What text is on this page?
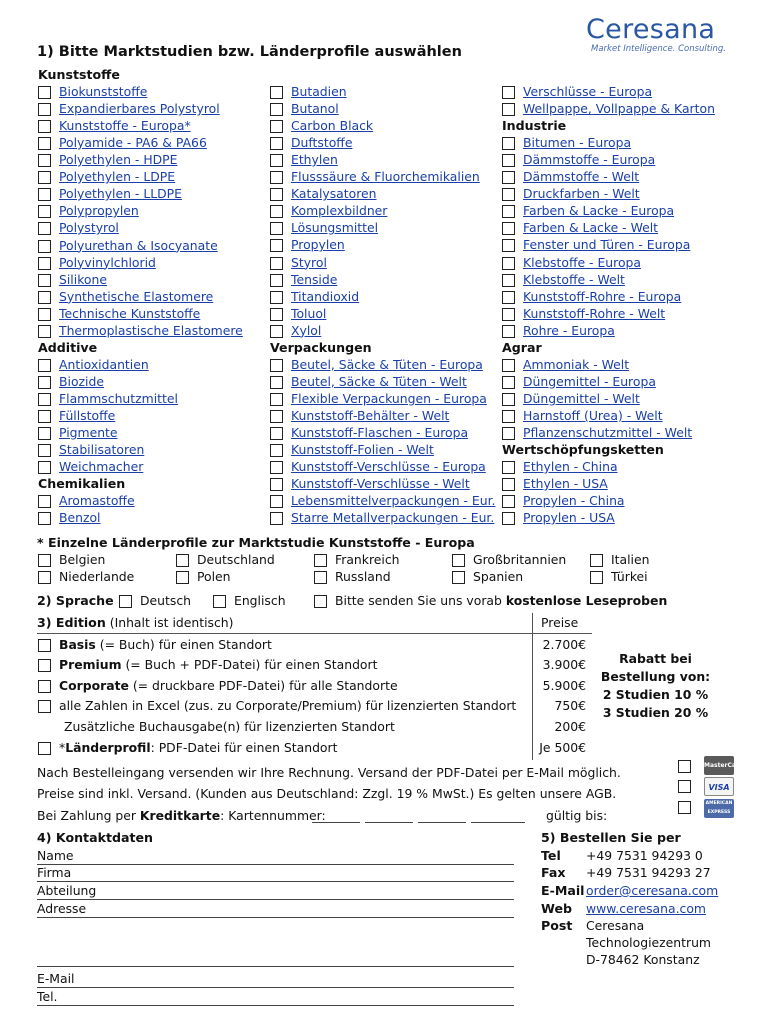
Ceresana
Market Intelligence. Consulting.
1) Bitte Marktstudien bzw. Länderprofile auswählen
Kunststoffe
Biokunststoffe
Expandierbares Polystyrol
Kunststoffe - Europa*
Polyamide - PA6 & PA66
Polyethylen - HDPE
Polyethylen - LDPE
Polyethylen - LLDPE
Polypropylen
Polystyrol
Polyurethan & Isocyanate
Polyvinylchlorid
Silikone
Synthetische Elastomere
Technische Kunststoffe
Thermoplastische Elastomere
Additive
Antioxidantien
Biozide
Flammschutzmittel
Füllstoffe
Pigmente
Stabilisatoren
Weichmacher
Chemikalien
Aromastoffe
Benzol
Butadien
Butanol
Carbon Black
Duftstoffe
Ethylen
Flusssäure & Fluorchemikalien
Katalysatoren
Komplexbildner
Lösungsmittel
Propylen
Styrol
Tenside
Titandioxid
Toluol
Xylol
Verpackungen
Beutel, Säcke & Tüten - Europa
Beutel, Säcke & Tüten - Welt
Flexible Verpackungen - Europa
Kunststoff-Behälter - Welt
Kunststoff-Flaschen - Europa
Kunststoff-Folien - Welt
Kunststoff-Verschlüsse - Europa
Kunststoff-Verschlüsse - Welt
Lebensmittelverpackungen - Eur.
Starre Metallverpackungen - Eur.
Verschlüsse - Europa
Wellpappe, Vollpappe & Karton
Industrie
Bitumen - Europa
Dämmstoffe - Europa
Dämmstoffe - Welt
Druckfarben - Welt
Farben & Lacke - Europa
Farben & Lacke - Welt
Fenster und Türen - Europa
Klebstoffe - Europa
Klebstoffe - Welt
Kunststoff-Rohre - Europa
Kunststoff-Rohre - Welt
Rohre - Europa
Agrar
Ammoniak - Welt
Düngemittel - Europa
Düngemittel - Welt
Harnstoff (Urea) - Welt
Pflanzenschutzmittel - Welt
Wertschöpfungsketten
Ethylen - China
Ethylen - USA
Propylen - China
Propylen - USA
* Einzelne Länderprofile zur Marktstudie Kunststoffe - Europa
Belgien	Deutschland	Frankreich	Großbritannien	Italien
Niederlande	Polen	Russland	Spanien	Türkei
2) Sprache Deutsch	Englisch	Bitte senden Sie uns vorab kostenlose Leseproben
3) Edition (Inhalt ist identisch)	Preise
Basis (= Buch) für einen Standort	2.700€
Premium (= Buch + PDF-Datei) für einen Standort	3.900€
Corporate (= druckbare PDF-Datei) für alle Standorte	5.900€
alle Zahlen in Excel (zus. zu Corporate/Premium) für lizenzierten Standort	750€
Zusätzliche Buchausgabe(n) für lizenzierten Standort	200€
*Länderprofil: PDF-Datei für einen Standort	Je 500€
Rabatt bei
Bestellung von:
2 Studien 10 %
3 Studien 20 %
Nach Bestelleingang versenden wir Ihre Rechnung. Versand der PDF-Datei per E-Mail möglich.
Preise sind inkl. Versand. (Kunden aus Deutschland: Zzgl. 19 % MwSt.) Es gelten unsere AGB.
Bei Zahlung per Kreditkarte: Kartennummer:	gültig bis:
MasterCard
VISA
AMERICAN EXPRESS
4) Kontaktdaten
Name
Firma
Abteilung
Adresse
E-Mail
Tel.
5) Bestellen Sie per
Tel +49 7531 94293 0
Fax +49 7531 94293 27
E-Mail order@ceresana.com
Web www.ceresana.com
Post Ceresana
Technologiezentrum
D-78462 Konstanz
